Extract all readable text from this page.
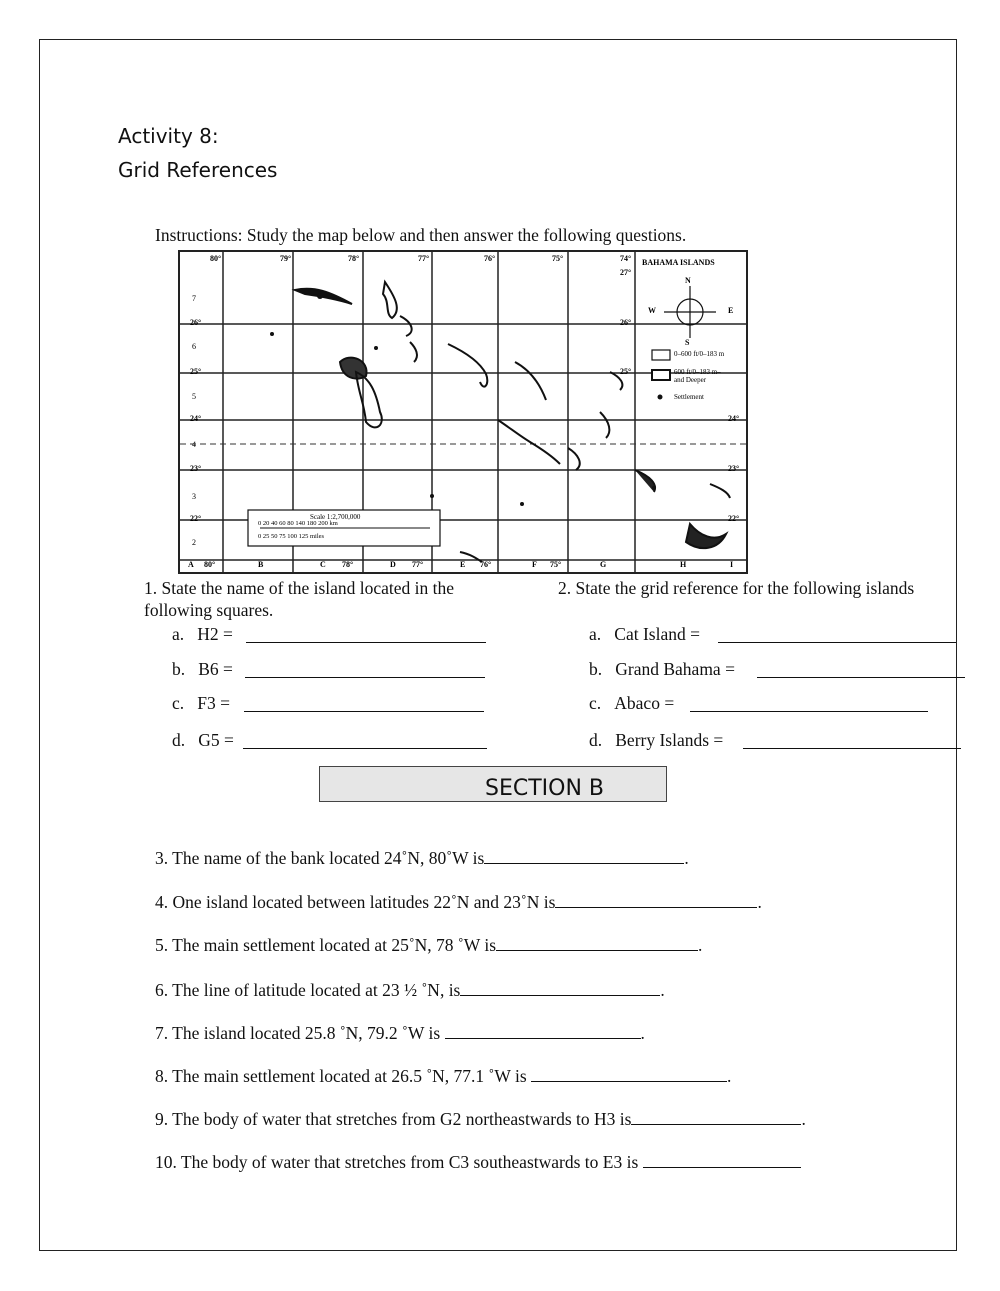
Activity 8:
Grid References
Instructions: Study the map below and then answer the following questions.
BAHAMA ISLANDS
N
S
E
W
0–600 ft/0–183 m
600 ft/0–183 m–
and Deeper
Settlement
Scale 1:2,700,000
0 20 40 60 80 140 180 200 km
0 25 50 75 100 125 miles
80°	79°	78°	77°	76°	75°	74°
80°	78°	77°	76°	75°
26°
25°
24°
23°
22°
27°
26°
25°
24°
23°
22°
7
6
5
4
3
2
A	B	C	D	E	F	G	H	I
1. State the name of the island located in the
following squares.
a. H2 =
b. B6 =
c. F3 =
d. G5 =
2. State the grid reference for the following islands
a. Cat Island =
b. Grand Bahama =
c. Abaco =
d. Berry Islands =
SECTION B
3. The name of the bank located 24˚N, 80˚W is	.
4. One island located between latitudes 22˚N and 23˚N is	.
5. The main settlement located at 25˚N, 78 ˚W is	.
6. The line of latitude located at 23 ½ ˚N, is	.
7. The island located 25.8 ˚N, 79.2 ˚W is	.
8. The main settlement located at 26.5 ˚N, 77.1 ˚W is	.
9. The body of water that stretches from G2 northeastwards to H3 is	.
10. The body of water that stretches from C3 southeastwards to E3 is
